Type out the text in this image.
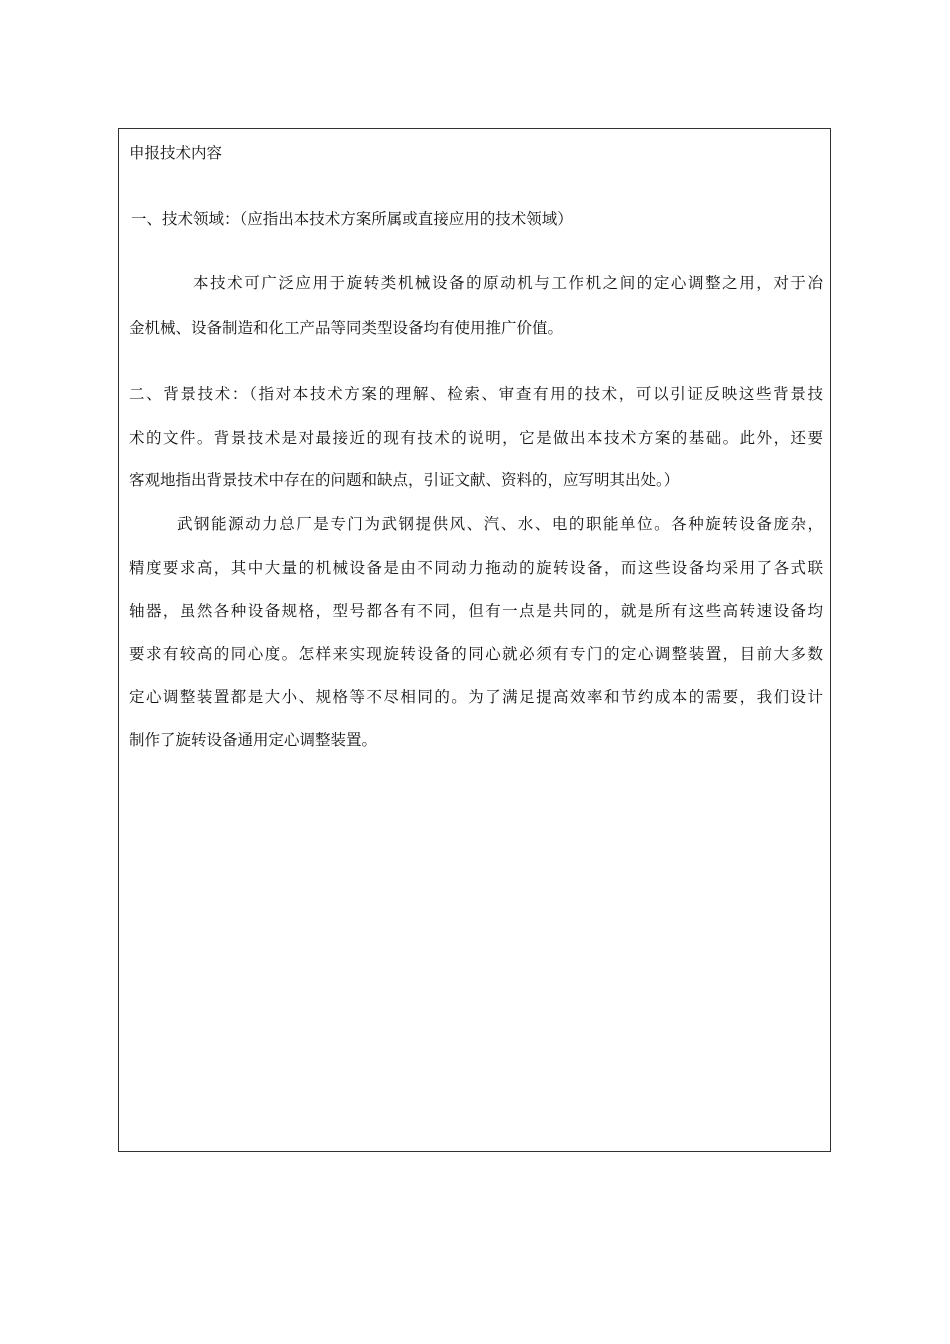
申报技术内容
一、技术领域：（应指出本技术方案所属或直接应用的技术领域）
本技术可广泛应用于旋转类机械设备的原动机与工作机之间的定心调整之用，对于冶
金机械、设备制造和化工产品等同类型设备均有使用推广价值。
二、背景技术：（指对本技术方案的理解、检索、审查有用的技术，可以引证反映这些背景技
术的文件。背景技术是对最接近的现有技术的说明，它是做出本技术方案的基础。此外，还要
客观地指出背景技术中存在的问题和缺点，引证文献、资料的，应写明其出处。）
武钢能源动力总厂是专门为武钢提供风、汽、水、电的职能单位。各种旋转设备庞杂，
精度要求高，其中大量的机械设备是由不同动力拖动的旋转设备，而这些设备均采用了各式联
轴器，虽然各种设备规格，型号都各有不同，但有一点是共同的，就是所有这些高转速设备均
要求有较高的同心度。怎样来实现旋转设备的同心就必须有专门的定心调整装置，目前大多数
定心调整装置都是大小、规格等不尽相同的。为了满足提高效率和节约成本的需要，我们设计
制作了旋转设备通用定心调整装置。
